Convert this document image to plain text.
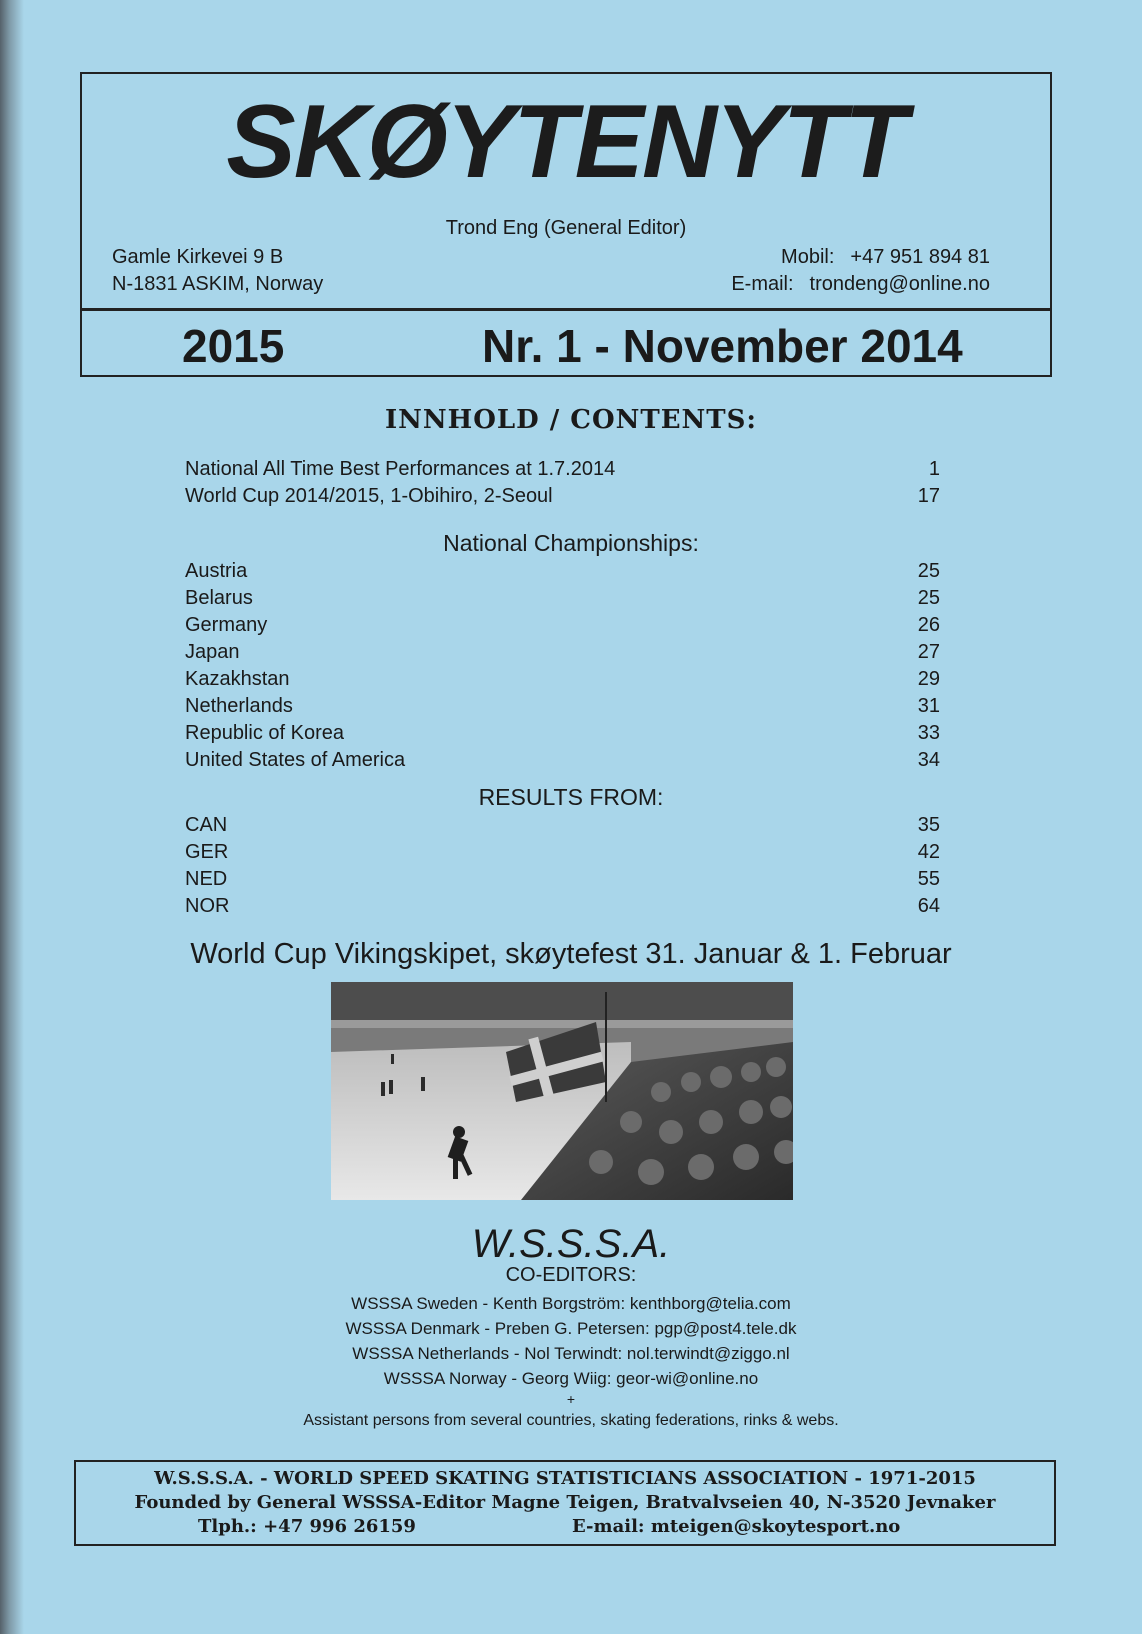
SKØYTENYTT
Trond Eng (General Editor)
Gamle Kirkevei 9 B
N-1831 ASKIM, Norway
Mobil: +47 951 894 81
E-mail: trondeng@online.no
2015	Nr. 1 - November 2014
INNHOLD / CONTENTS:
National All Time Best Performances at 1.7.2014	1
World Cup 2014/2015, 1-Obihiro, 2-Seoul	17
National Championships:
Austria	25
Belarus	25
Germany	26
Japan	27
Kazakhstan	29
Netherlands	31
Republic of Korea	33
United States of America	34
RESULTS FROM:
CAN	35
GER	42
NED	55
NOR	64
World Cup Vikingskipet, skøytefest 31. Januar & 1. Februar
W.S.S.S.A.
CO-EDITORS:
WSSSA Sweden - Kenth Borgström: kenthborg@telia.com
WSSSA Denmark - Preben G. Petersen: pgp@post4.tele.dk
WSSSA Netherlands - Nol Terwindt: nol.terwindt@ziggo.nl
WSSSA Norway - Georg Wiig: geor-wi@online.no
+
Assistant persons from several countries, skating federations, rinks & webs.
W.S.S.S.A. - WORLD SPEED SKATING STATISTICIANS ASSOCIATION - 1971-2015
Founded by General WSSSA-Editor Magne Teigen, Bratvalvseien 40, N-3520 Jevnaker
Tlph.: +47 996 26159	E-mail: mteigen@skoytesport.no
